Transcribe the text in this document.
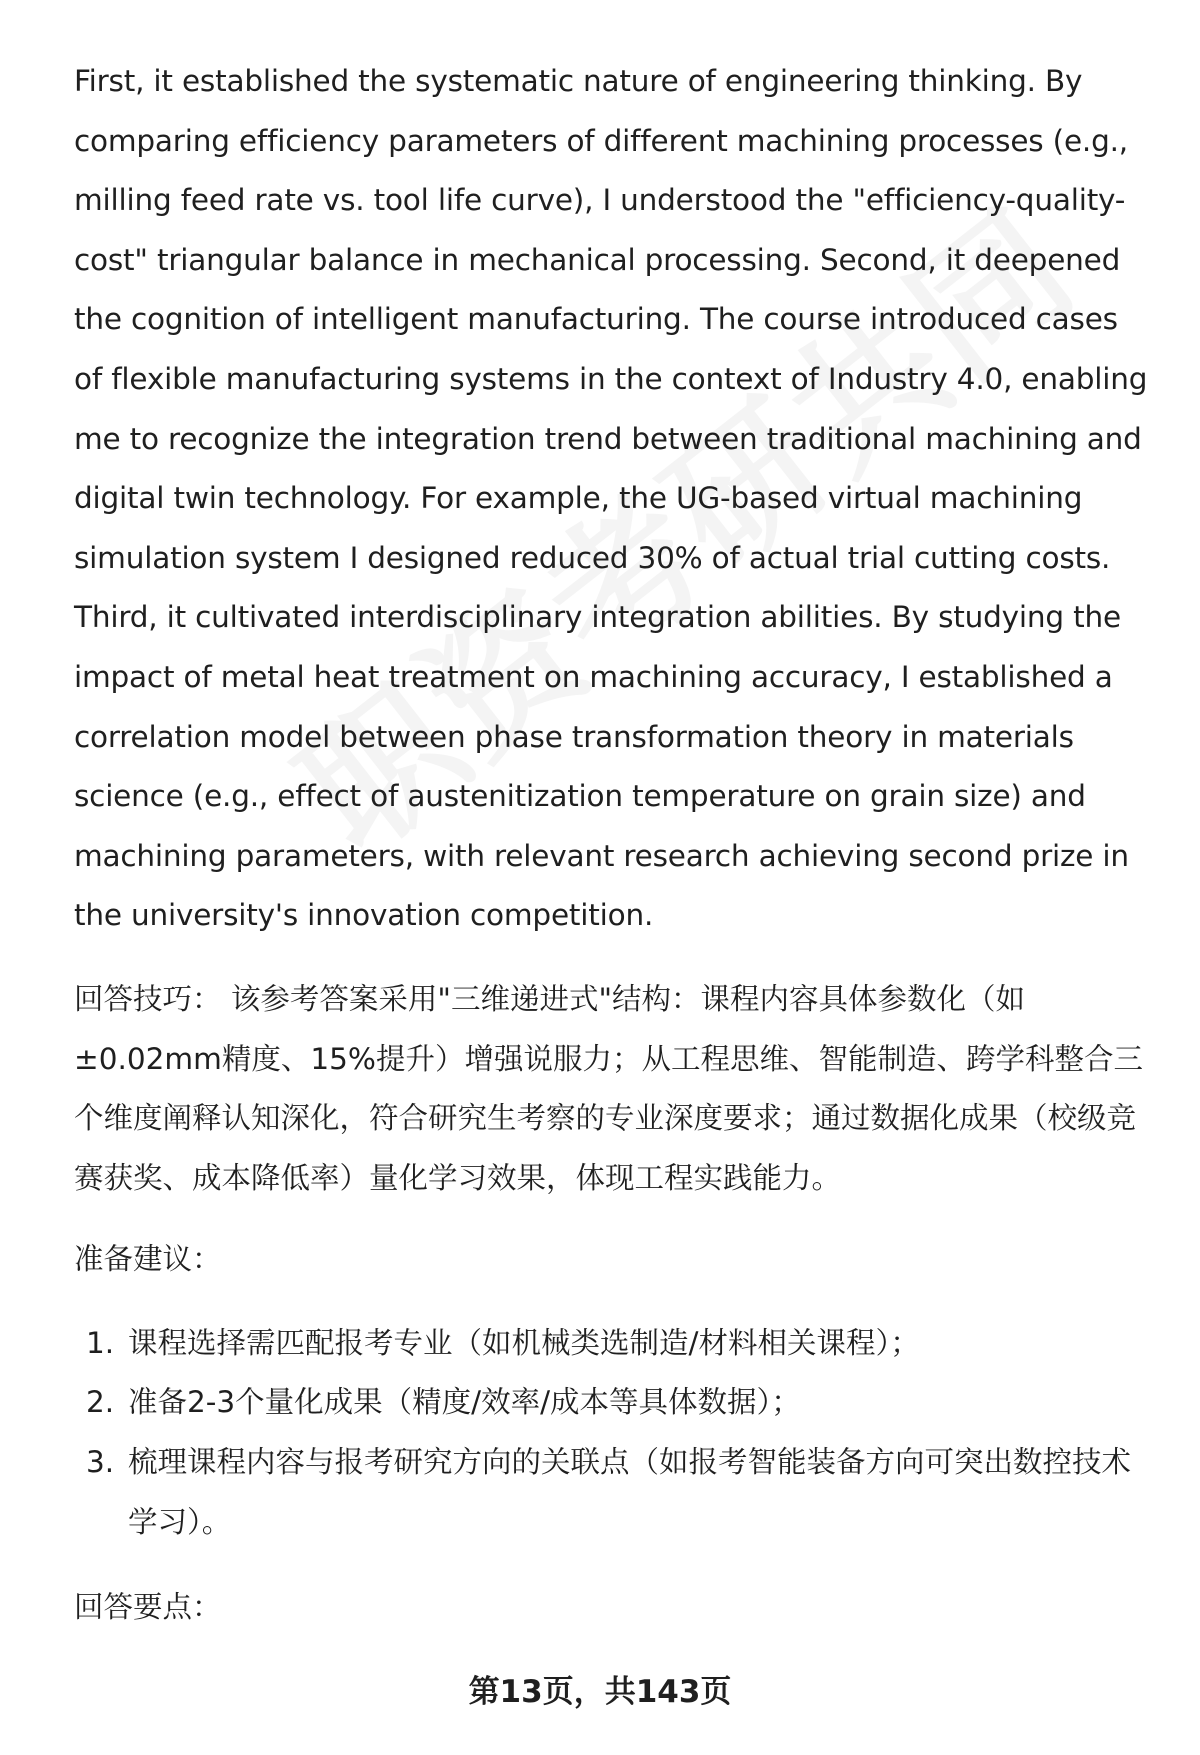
First, it established the systematic nature of engineering thinking. By comparing efficiency parameters of different machining processes (e.g., milling feed rate vs. tool life curve), I understood the "efficiency-quality-cost" triangular balance in mechanical processing. Second, it deepened the cognition of intelligent manufacturing. The course introduced cases of flexible manufacturing systems in the context of Industry 4.0, enabling me to recognize the integration trend between traditional machining and digital twin technology. For example, the UG-based virtual machining simulation system I designed reduced 30% of actual trial cutting costs. Third, it cultivated interdisciplinary integration abilities. By studying the impact of metal heat treatment on machining accuracy, I established a correlation model between phase transformation theory in materials science (e.g., effect of austenitization temperature on grain size) and machining parameters, with relevant research achieving second prize in the university's innovation competition.

回答技巧： 该参考答案采用"三维递进式"结构：课程内容具体参数化（如±0.02mm精度、15%提升）增强说服力；从工程思维、智能制造、跨学科整合三个维度阐释认知深化，符合研究生考察的专业深度要求；通过数据化成果（校级竞赛获奖、成本降低率）量化学习效果，体现工程实践能力。

准备建议：

1. 课程选择需匹配报考专业（如机械类选制造/材料相关课程）；
2. 准备2-3个量化成果（精度/效率/成本等具体数据）；
3. 梳理课程内容与报考研究方向的关联点（如报考智能装备方向可突出数控技术学习）。

回答要点：

第13页，共143页
